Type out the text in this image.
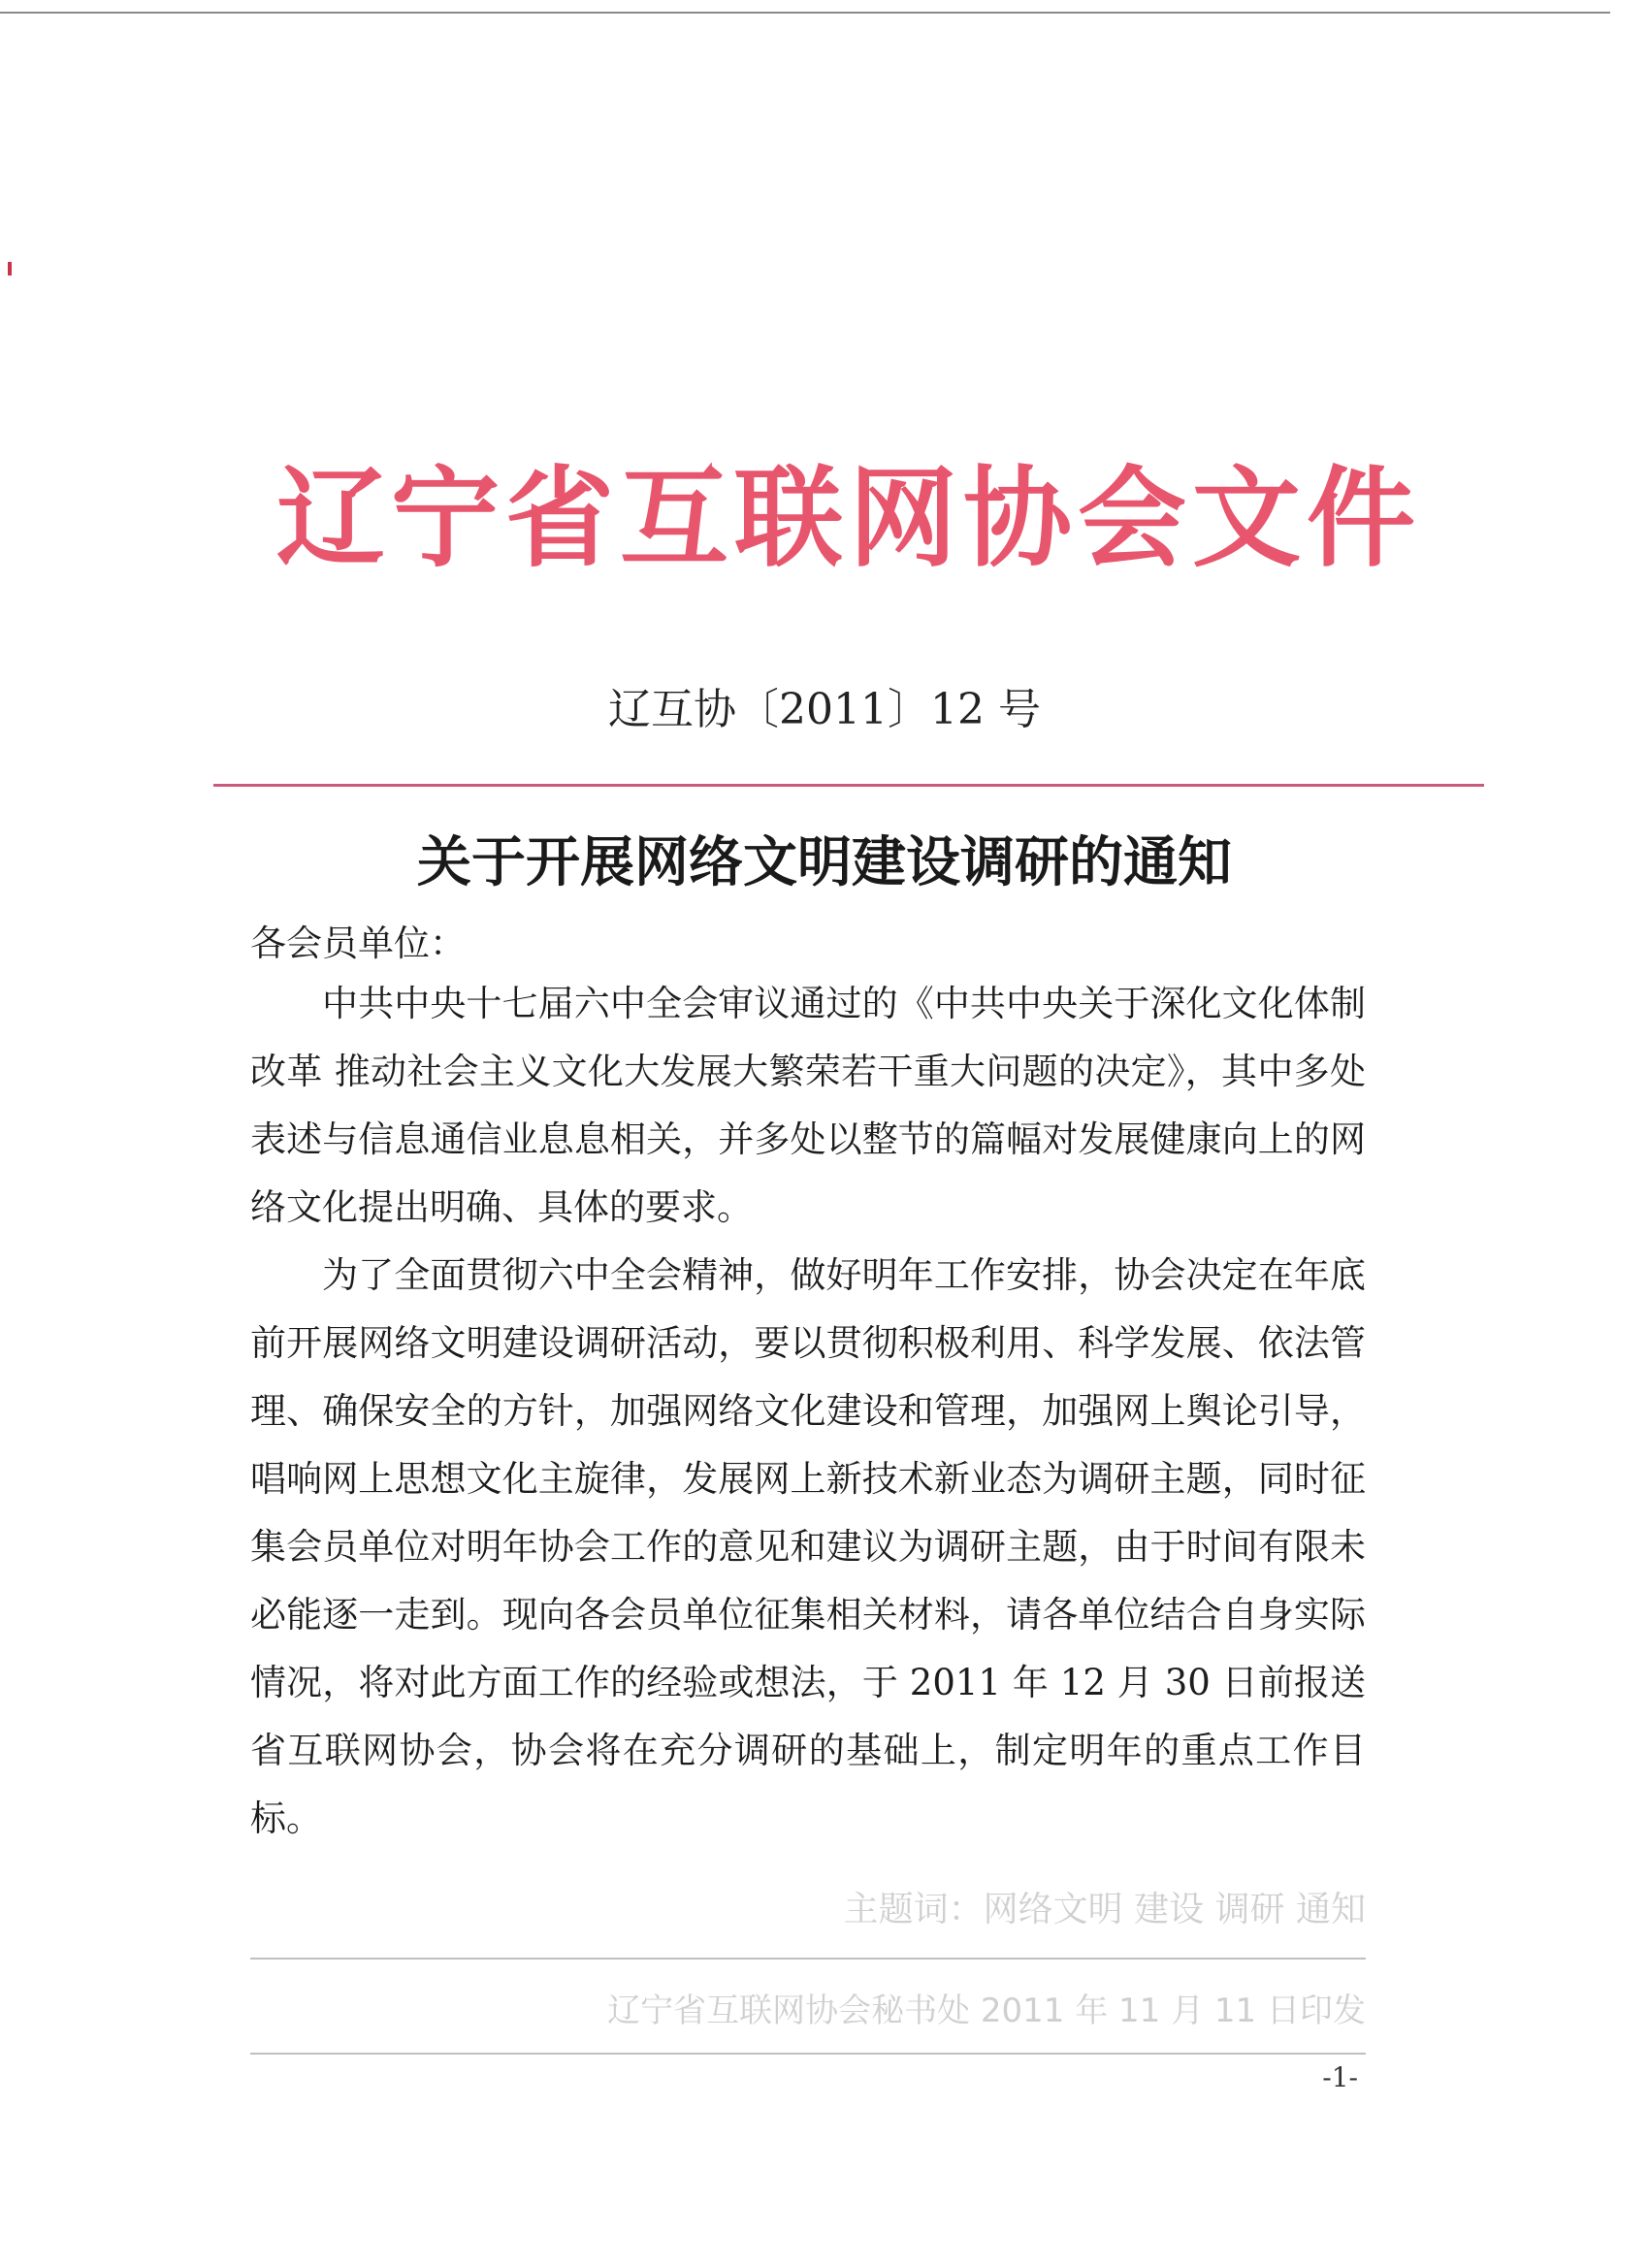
辽宁省互联网协会文件
辽互协〔2011〕12 号
关于开展网络文明建设调研的通知
各会员单位：

中共中央十七届六中全会审议通过的《中共中央关于深化文化体制改革 推动社会主义文化大发展大繁荣若干重大问题的决定》，其中多处表述与信息通信业息息相关，并多处以整节的篇幅对发展健康向上的网络文化提出明确、具体的要求。

为了全面贯彻六中全会精神，做好明年工作安排，协会决定在年底前开展网络文明建设调研活动，要以贯彻积极利用、科学发展、依法管理、确保安全的方针，加强网络文化建设和管理，加强网上舆论引导，唱响网上思想文化主旋律，发展网上新技术新业态为调研主题，同时征集会员单位对明年协会工作的意见和建议为调研主题，由于时间有限未必能逐一走到。现向各会员单位征集相关材料，请各单位结合自身实际情况，将对此方面工作的经验或想法，于 2011 年 12 月 30 日前报送省互联网协会，协会将在充分调研的基础上，制定明年的重点工作目标。

主题词：网络文明 建设 调研 通知
辽宁省互联网协会秘书处 2011 年 11 月 11 日印发
-1-
